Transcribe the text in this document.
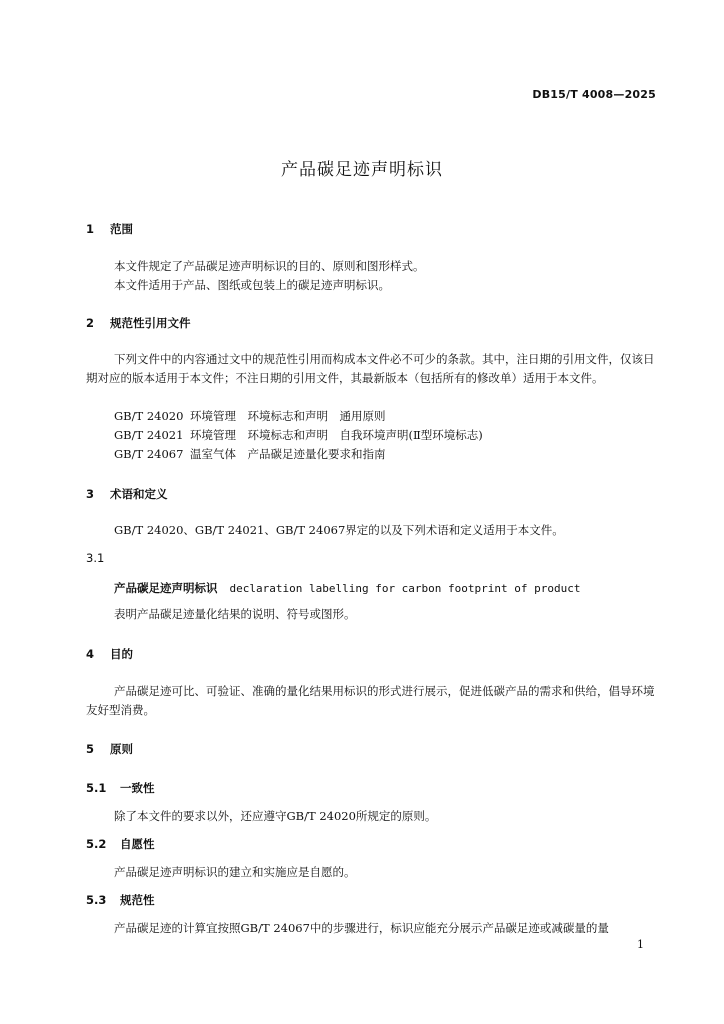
DB15/T 4008—2025
产品碳足迹声明标识
1 范围
本文件规定了产品碳足迹声明标识的目的、原则和图形样式。
本文件适用于产品、图纸或包装上的碳足迹声明标识。
2 规范性引用文件
下列文件中的内容通过文中的规范性引用而构成本文件必不可少的条款。其中，注日期的引用文件，仅该日期对应的版本适用于本文件；不注日期的引用文件，其最新版本（包括所有的修改单）适用于本文件。
GB/T 24020 环境管理　环境标志和声明　通用原则
GB/T 24021 环境管理　环境标志和声明　自我环境声明(Ⅱ型环境标志)
GB/T 24067 温室气体　产品碳足迹量化要求和指南
3 术语和定义
GB/T 24020、GB/T 24021、GB/T 24067界定的以及下列术语和定义适用于本文件。
3.1
产品碳足迹声明标识 declaration labelling for carbon footprint of product
表明产品碳足迹量化结果的说明、符号或图形。
4 目的
产品碳足迹可比、可验证、准确的量化结果用标识的形式进行展示，促进低碳产品的需求和供给，倡导环境友好型消费。
5 原则
5.1 一致性
除了本文件的要求以外，还应遵守GB/T 24020所规定的原则。
5.2 自愿性
产品碳足迹声明标识的建立和实施应是自愿的。
5.3 规范性
产品碳足迹的计算宜按照GB/T 24067中的步骤进行，标识应能充分展示产品碳足迹或减碳量的量
1
